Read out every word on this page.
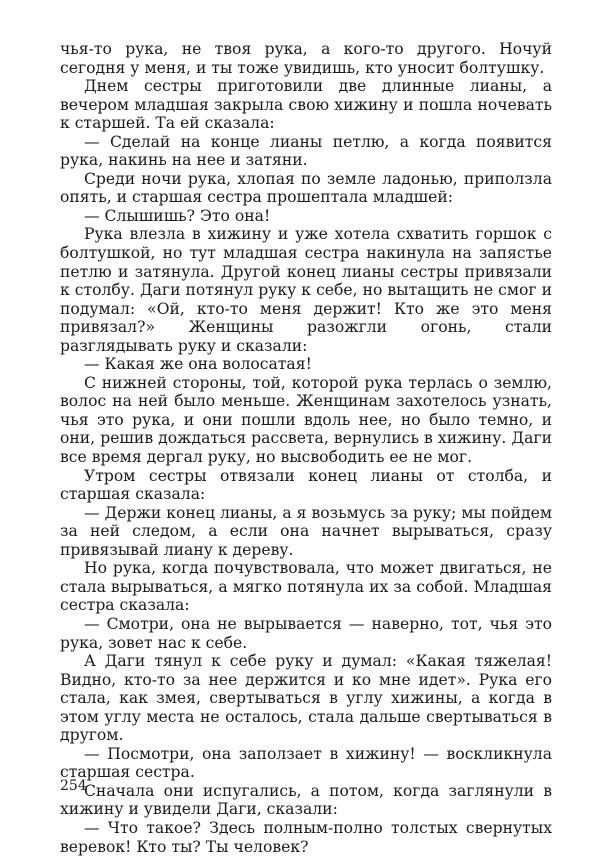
чья-то рука, не твоя рука, а кого-то другого. Ночуй сегодня у меня, и ты тоже увидишь, кто уносит болтушку.

Днем сестры приготовили две длинные лианы, а вечером младшая закрыла свою хижину и пошла ночевать к старшей. Та ей сказала:

— Сделай на конце лианы петлю, а когда появится рука, накинь на нее и затяни.

Среди ночи рука, хлопая по земле ладонью, приползла опять, и старшая сестра прошептала младшей:

— Слышишь? Это она!

Рука влезла в хижину и уже хотела схватить горшок с болтушкой, но тут младшая сестра накинула на запястье петлю и затянула. Другой конец лианы сестры привязали к столбу. Даги потянул руку к себе, но вытащить не смог и подумал: «Ой, кто-то меня держит! Кто же это меня привязал?» Женщины разожгли огонь, стали разглядывать руку и сказали:

— Какая же она волосатая!

С нижней стороны, той, которой рука терлась о землю, волос на ней было меньше. Женщинам захотелось узнать, чья это рука, и они пошли вдоль нее, но было темно, и они, решив дождаться рассвета, вернулись в хижину. Даги все время дергал руку, но высвободить ее не мог.

Утром сестры отвязали конец лианы от столба, и старшая сказала:

— Держи конец лианы, а я возьмусь за руку; мы пойдем за ней следом, а если она начнет вырываться, сразу привязывай лиану к дереву.

Но рука, когда почувствовала, что может двигаться, не стала вырываться, а мягко потянула их за собой. Младшая сестра сказала:

— Смотри, она не вырывается — наверно, тот, чья это рука, зовет нас к себе.

А Даги тянул к себе руку и думал: «Какая тяжелая! Видно, кто-то за нее держится и ко мне идет». Рука его стала, как змея, свертываться в углу хижины, а когда в этом углу места не осталось, стала дальше свертываться в другом.

— Посмотри, она заползает в хижину! — воскликнула старшая сестра.

Сначала они испугались, а потом, когда заглянули в хижину и увидели Даги, сказали:

— Что такое? Здесь полным-полно толстых свернутых веревок! Кто ты? Ты человек?

254
